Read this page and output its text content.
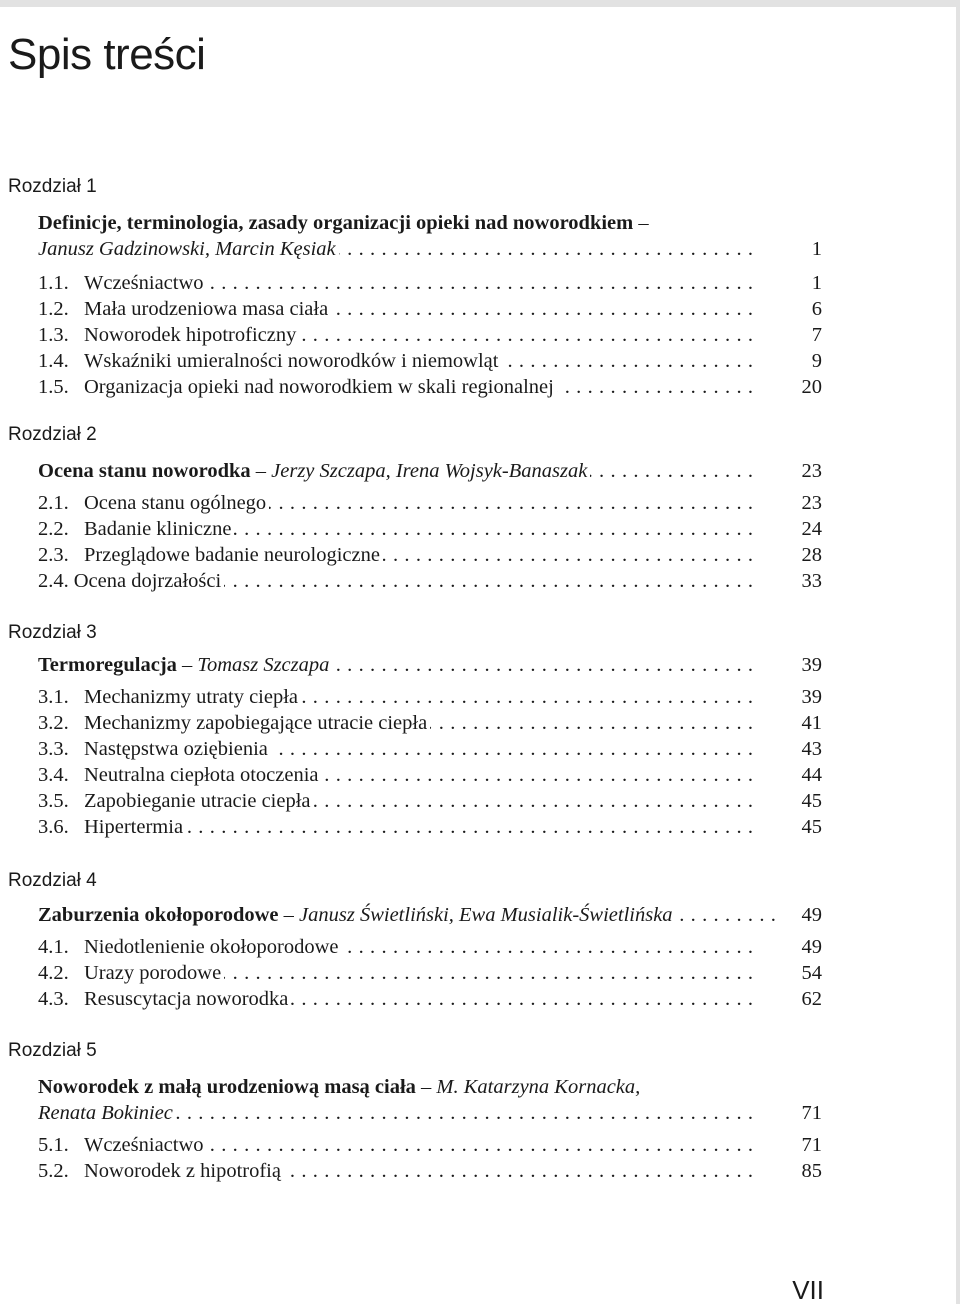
Spis treści
Rozdział 1
Definicje, terminologia, zasady organizacji opieki nad noworodkiem –
Janusz Gadzinowski, Marcin Kęsiak . . .	1
1.1. Wcześniactwo . . .	1
1.2. Mała urodzeniowa masa ciała . . .	6
1.3. Noworodek hipotroficzny . . .	7
1.4. Wskaźniki umieralności noworodków i niemowląt . . .	9
1.5. Organizacja opieki nad noworodkiem w skali regionalnej . . .	20
Rozdział 2
Ocena stanu noworodka – Jerzy Szczapa, Irena Wojsyk-Banaszak . . .	23
2.1. Ocena stanu ogólnego . . .	23
2.2. Badanie kliniczne . . .	24
2.3. Przeglądowe badanie neurologiczne . . .	28
2.4. Ocena dojrzałości . . .	33
Rozdział 3
Termoregulacja – Tomasz Szczapa . . .	39
3.1. Mechanizmy utraty ciepła . . .	39
3.2. Mechanizmy zapobiegające utracie ciepła . . .	41
3.3. Następstwa oziębienia . . .	43
3.4. Neutralna ciepłota otoczenia . . .	44
3.5. Zapobieganie utracie ciepła . . .	45
3.6. Hipertermia . . .	45
Rozdział 4
Zaburzenia okołoporodowe – Janusz Świetliński, Ewa Musialik-Świetlińska . . .	49
4.1. Niedotlenienie okołoporodowe . . .	49
4.2. Urazy porodowe . . .	54
4.3. Resuscytacja noworodka . . .	62
Rozdział 5
Noworodek z małą urodzeniową masą ciała – M. Katarzyna Kornacka,
Renata Bokiniec . . .	71
5.1. Wcześniactwo . . .	71
5.2. Noworodek z hipotrofią . . .	85
VII
